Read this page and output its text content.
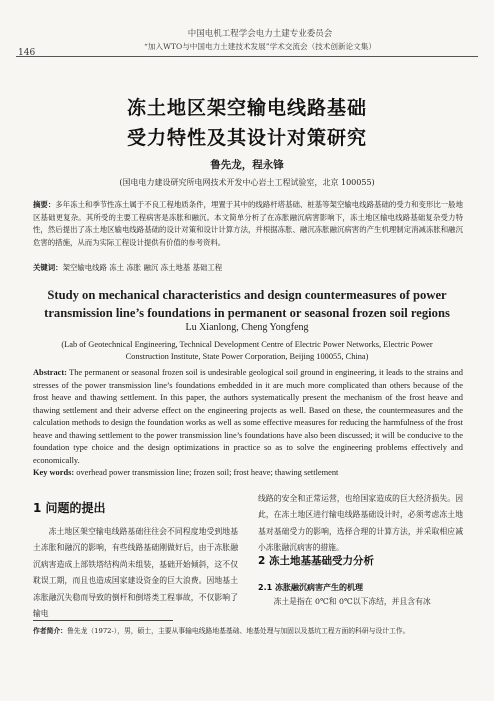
146
中国电机工程学会电力土建专业委员会
“加入WTO与中国电力土建技术发展”学术交流会（技术创新论文集）
冻土地区架空输电线路基础
受力特性及其设计对策研究
鲁先龙，程永锋
(国电电力建设研究所电网技术开发中心岩土工程试验室，北京 100055)
摘要：多年冻土和季节性冻土属于不良工程地质条件，埋置于其中的线路杆塔基础、桩基等架空输电线路基础的受力和变形比一般地区基础更复杂。其所受的主要工程病害是冻胀和融沉。本文简单分析了在冻胀融沉病害影响下，冻土地区输电线路基础复杂受力特性，然后提出了冻土地区输电线路基础的设计对策和设计计算方法，并根据冻胀、融沉冻胀融沉病害的产生机理制定消减冻胀和融沉危害的措施，从而为实际工程设计提供有价值的参考资料。
关键词：架空输电线路 冻土 冻胀 融沉 冻土地基 基础工程
Study on mechanical characteristics and design countermeasures of power
transmission line’s foundations in permanent or seasonal frozen soil regions
Lu Xianlong, Cheng Yongfeng
(Lab of Geotechnical Engineering, Technical Development Centre of Electric Power Networks, Electric Power
Construction Institute, State Power Corporation, Beijing 100055, China)
Abstract: The permanent or seasonal frozen soil is undesirable geological soil ground in engineering, it leads to the strains and stresses of the power transmission line’s foundations embedded in it are much more complicated than others because of the frost heave and thawing settlement. In this paper, the authors systematically present the mechanism of the frost heave and thawing settlement and their adverse effect on the engineering projects as well. Based on these, the countermeasures and the calculation methods to design the foundation works as well as some effective measures for reducing the harmfulness of the frost heave and thawing settlement to the power transmission line’s foundations have also been discussed; it will be conducive to the foundation type choice and the design optimizations in practice so as to solve the engineering problems effectively and economically.
Key words: overhead power transmission line; frozen soil; frost heave; thawing settlement
1 问题的提出
冻土地区架空输电线路基础往往会不同程度地受到地基土冻胀和融沉的影响，有些线路基础刚做好后，由于冻胀融沉病害造成上部铁塔结构尚未组装，基础开始倾斜，这不仅耽误工期，而且也造成国家建设资金的巨大浪费。因地基土冻胀融沉失稳而导致的倒杆和倒塔类工程事故，不仅影响了输电
线路的安全和正常运营，也给国家造成的巨大经济损失。因此，在冻土地区进行输电线路基础设计时，必须考虑冻土地基对基础受力的影响，选择合理的计算方法，并采取相应减小冻胀融沉病害的措施。
2 冻土地基基础受力分析
2.1 冻胀融沉病害产生的机理
冻土是指在 0℃和 0℃以下冻结，并且含有冰
作者简介：鲁先龙（1972-），男，硕士，主要从事输电线路地基基础、地基处理与加固以及基坑工程方面的科研与设计工作。
